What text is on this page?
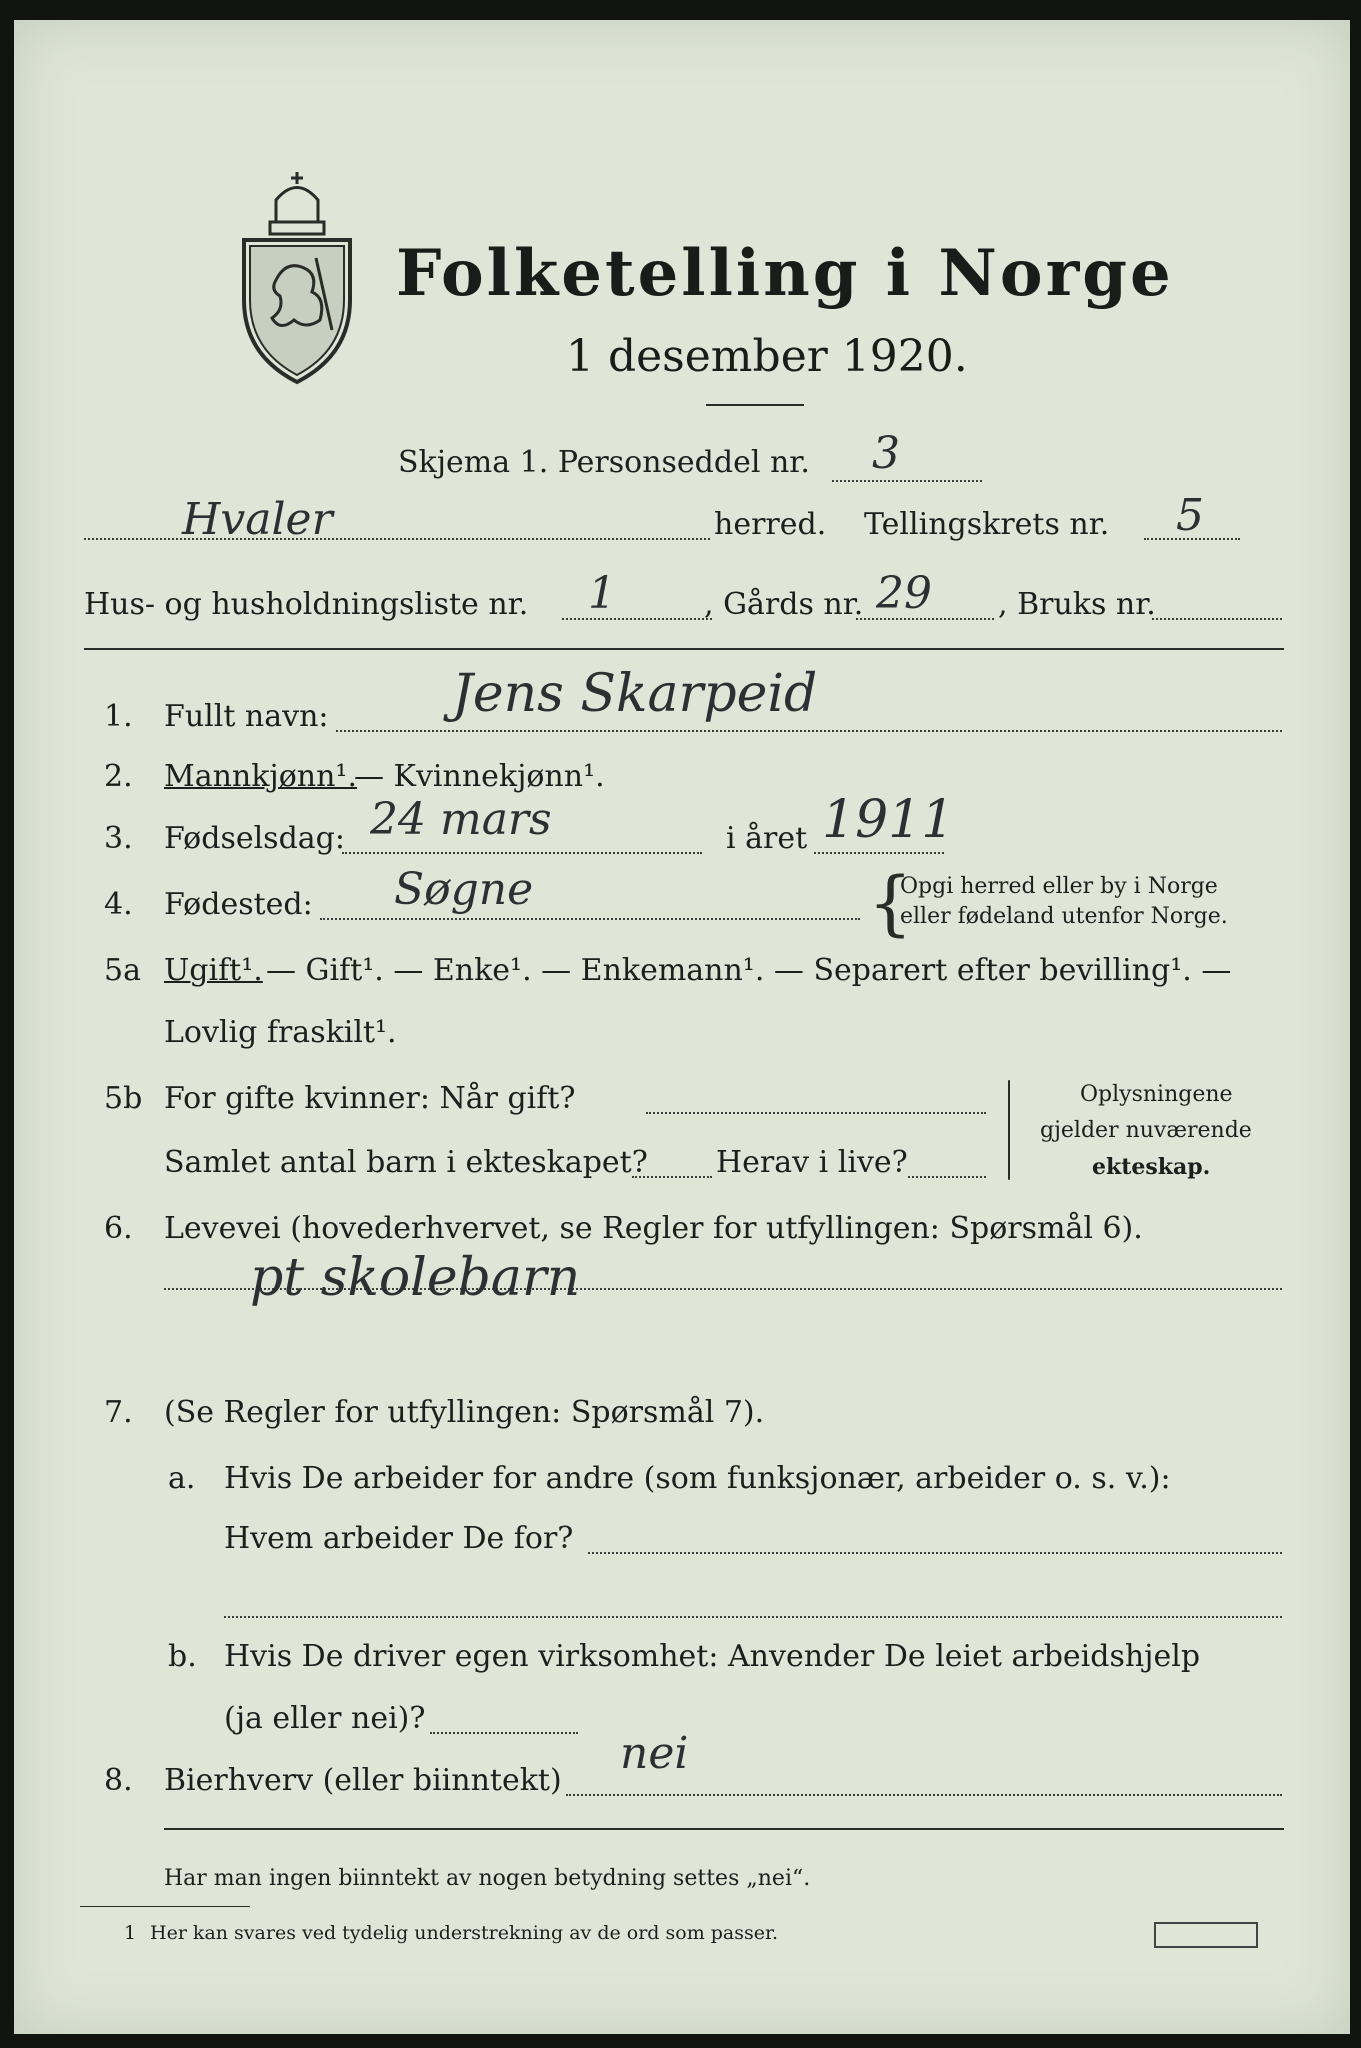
Folketelling i Norge
1 desember 1920.
Skjema 1. Personseddel nr. 3
Hvaler	herred. Tellingskrets nr. 5
Hus- og husholdningsliste nr. 1	, Gårds nr. 29 , Bruks nr.
1. Fullt navn: Jens Skarpeid
2. Mannkjønn¹.
— Kvinnekjønn¹.
3. Fødselsdag: 24 mars	i året 1911
4. Fødested: Søgne	{
Opgi herred eller by i Norge
eller fødeland utenfor Norge.
5a Ugift¹. — Gift¹. — Enke¹. — Enkemann¹. — Separert efter bevilling¹. —
Lovlig fraskilt¹.
5b For gifte kvinner: Når gift?
Samlet antal barn i ekteskapet? Herav i live?
Oplysningene
gjelder nuværende
ekteskap.
6. Levevei (hovederhvervet, se Regler for utfyllingen: Spørsmål 6).
pt skolebarn
7. (Se Regler for utfyllingen: Spørsmål 7).
a. Hvis De arbeider for andre (som funksjonær, arbeider o. s. v.):
Hvem arbeider De for?
b. Hvis De driver egen virksomhet: Anvender De leiet arbeidshjelp
(ja eller nei)?
8. Bierhverv (eller biinntekt)
nei
Har man ingen biinntekt av nogen betydning settes „nei“.
1 Her kan svares ved tydelig understrekning av de ord som passer.
